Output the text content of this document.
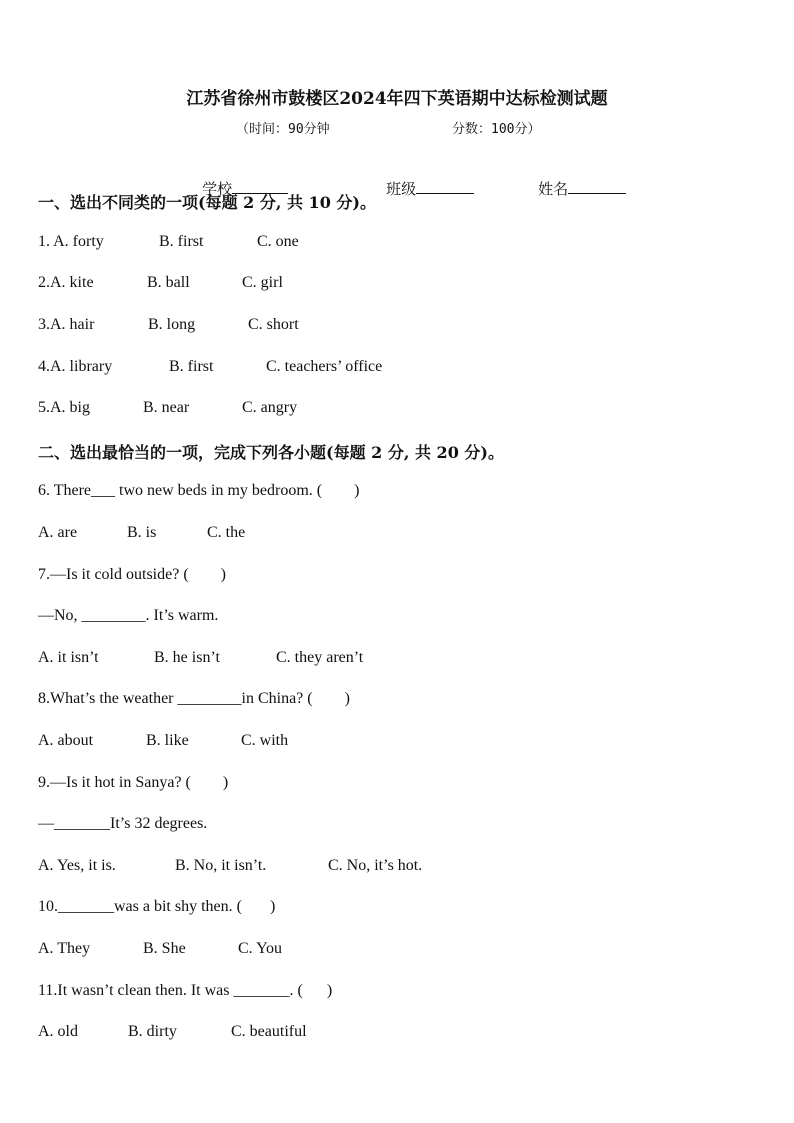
江苏省徐州市鼓楼区2024年四下英语期中达标检测试题
（时间：90分钟	分数：100分）

学校
	班级
	姓名

一、选出不同类的一项(每题 2 分, 共 10 分)。
1. A. forty	B. first	C. one
2.A. kite	B. ball	C. girl
3.A. hair	B. long	C. short
4.A. library	B. first	C. teachers’ office
5.A. big	B. near	C. angry
二、选出最恰当的一项，完成下列各小题(每题 2 分, 共 20 分)。
6. There___ two new beds in my bedroom. (        )
A. are	B. is	C. the
7.—Is it cold outside? (        )
—No, ________. It’s warm.
A. it isn’t	B. he isn’t	C. they aren’t
8.What’s the weather ________in China? (        )
A. about	B. like	C. with
9.—Is it hot in Sanya? (        )
—_______It’s 32 degrees.
A. Yes, it is.	B. No, it isn’t.	C. No, it’s hot.
10._______was a bit shy then. (       )
A. They	B. She	C. You
11.It wasn’t clean then. It was _______. (      )
A. old	B. dirty	C. beautiful
